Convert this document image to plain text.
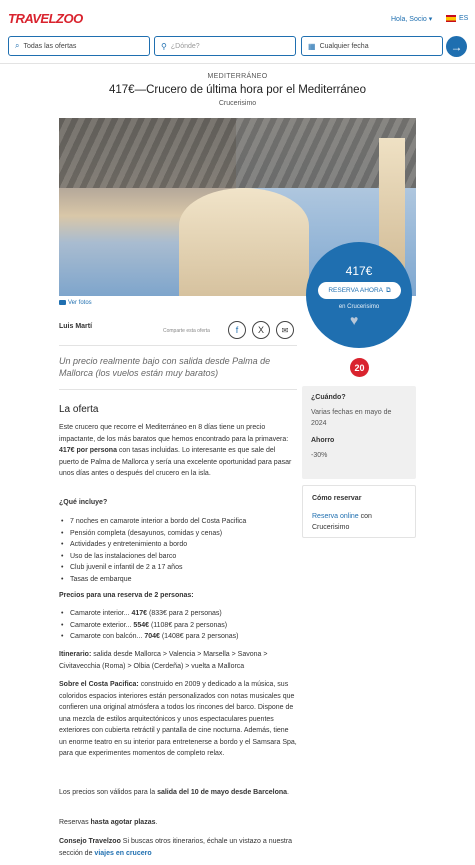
TRAVELZOO	Hola, Socio ▾	ES
⌕ Todas las ofertas	⚲ ¿Dónde?	▦ Cualquier fecha	→
MEDITERRÁNEO
417€—Crucero de última hora por el Mediterráneo
Crucerisimo
Ver fotos
417€
RESERVA AHORA ⧉
en Crucerisimo
♥
Luis Martí
Comparte esta oferta	f	X	✉
Un precio realmente bajo con salida desde Palma de Mallorca (los vuelos están muy baratos)
20
La oferta
Este crucero que recorre el Mediterráneo en 8 días tiene un precio impactante, de los más baratos que hemos encontrado para la primavera: 417€ por persona con tasas incluidas. Lo interesante es que sale del puerto de Palma de Mallorca y sería una excelente oportunidad para pasar unos días antes o después del crucero en la isla.
¿Qué incluye?
• 7 noches en camarote interior a bordo del Costa Pacifica
• Pensión completa (desayunos, comidas y cenas)
• Actividades y entretenimiento a bordo
• Uso de las instalaciones del barco
• Club juvenil e infantil de 2 a 17 años
• Tasas de embarque
Precios para una reserva de 2 personas:
• Camarote interior... 417€ (833€ para 2 personas)
• Camarote exterior... 554€ (1108€ para 2 personas)
• Camarote con balcón... 704€ (1408€ para 2 personas)
Itinerario: salida desde Mallorca > Valencia > Marsella > Savona > Civitavecchia (Roma) > Olbia (Cerdeña) > vuelta a Mallorca
Sobre el Costa Pacifica: construido en 2009 y dedicado a la música, sus coloridos espacios interiores están personalizados con notas musicales que confieren una original atmósfera a todos los rincones del barco. Dispone de una mezcla de estilos arquitectónicos y unos espectaculares puentes exteriores con cubierta retráctil y pantalla de cine nocturna. Además, tiene un enorme teatro en su interior para entretenerse a bordo y el Samsara Spa, para que experimentes momentos de completo relax.
Los precios son válidos para la salida del 10 de mayo desde Barcelona.
Reservas hasta agotar plazas.
Consejo Travelzoo Si buscas otros itinerarios, échale un vistazo a nuestra sección de viajes en crucero
¿Cuándo?
Varias fechas en mayo de 2024
Ahorro
-30%
Cómo reservar
Reserva online con Crucerisimo
